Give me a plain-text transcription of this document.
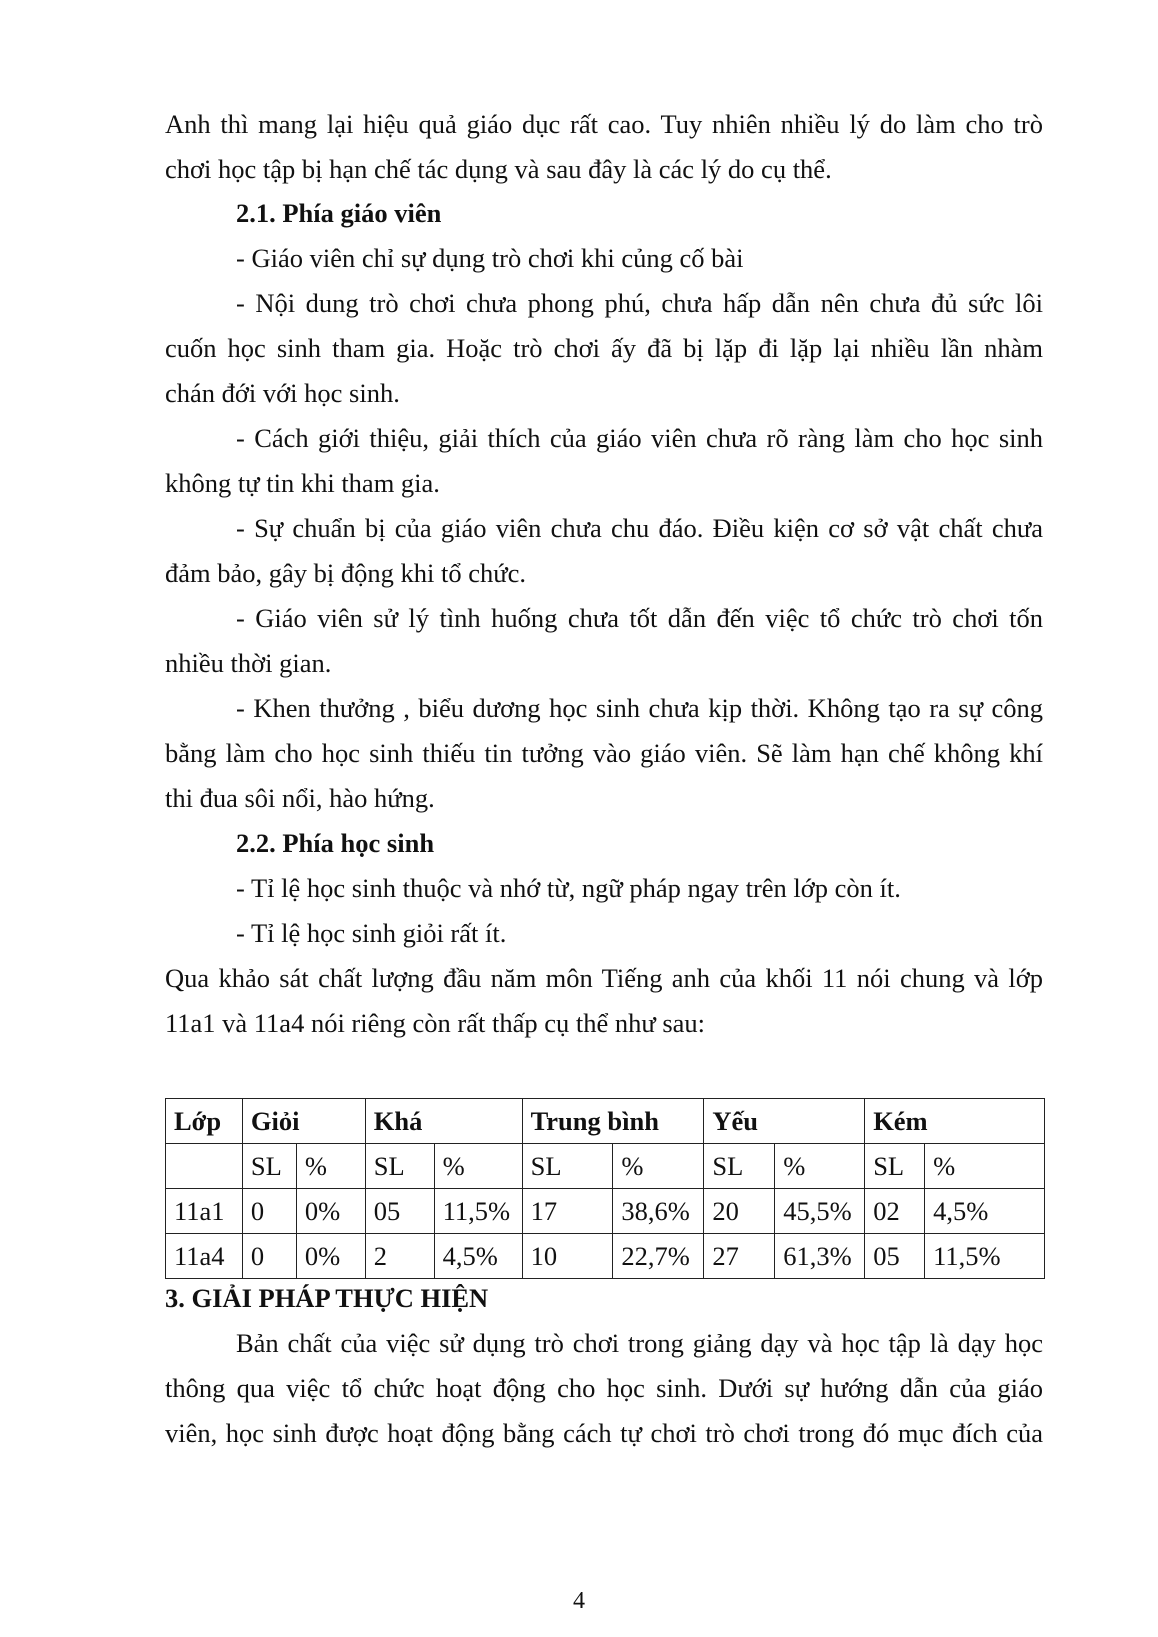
Anh thì mang lại hiệu quả giáo dục rất cao. Tuy nhiên nhiều lý do làm cho trò
chơi học tập bị hạn chế tác dụng và sau đây là các lý do cụ thể.
2.1. Phía giáo viên
- Giáo viên chỉ sự dụng trò chơi khi củng cố bài
- Nội dung trò chơi chưa phong phú, chưa hấp dẫn nên chưa đủ sức lôi
cuốn học sinh tham gia. Hoặc trò chơi ấy đã bị lặp đi lặp lại nhiều lần nhàm
chán đới với học sinh.
- Cách giới thiệu, giải thích của giáo viên chưa rõ ràng làm cho học sinh
không tự tin khi tham gia.
- Sự chuẩn bị của giáo viên chưa chu đáo. Điều kiện cơ sở vật chất chưa
đảm bảo, gây bị động khi tổ chức.
- Giáo viên sử lý tình huống chưa tốt dẫn đến việc tổ chức trò chơi tốn
nhiều thời gian.
- Khen thưởng , biểu dương học sinh chưa kịp thời. Không tạo ra sự công
bằng làm cho học sinh thiếu tin tưởng vào giáo viên. Sẽ làm hạn chế không khí
thi đua sôi nổi, hào hứng.
2.2. Phía học sinh
- Tỉ lệ học sinh thuộc và nhớ từ, ngữ pháp ngay trên lớp còn ít.
- Tỉ lệ học sinh giỏi rất ít.
Qua khảo sát chất lượng đầu năm môn Tiếng anh của khối 11 nói chung và lớp
11a1 và 11a4 nói riêng còn rất thấp cụ thể như sau:
Lớp	Giỏi		Khá		Trung bình		Yếu		Kém	
	SL	%	SL	%	SL	%	SL	%	SL	%
11a1	0	0%	05	11,5%	17	38,6%	20	45,5%	02	4,5%
11a4	0	0%	2	4,5%	10	22,7%	27	61,3%	05	11,5%
3. GIẢI PHÁP THỰC HIỆN
Bản chất của việc sử dụng trò chơi trong giảng dạy và học tập là dạy học
thông qua việc tổ chức hoạt động cho học sinh. Dưới sự hướng dẫn của giáo
viên, học sinh được hoạt động bằng cách tự chơi trò chơi trong đó mục đích của
4
